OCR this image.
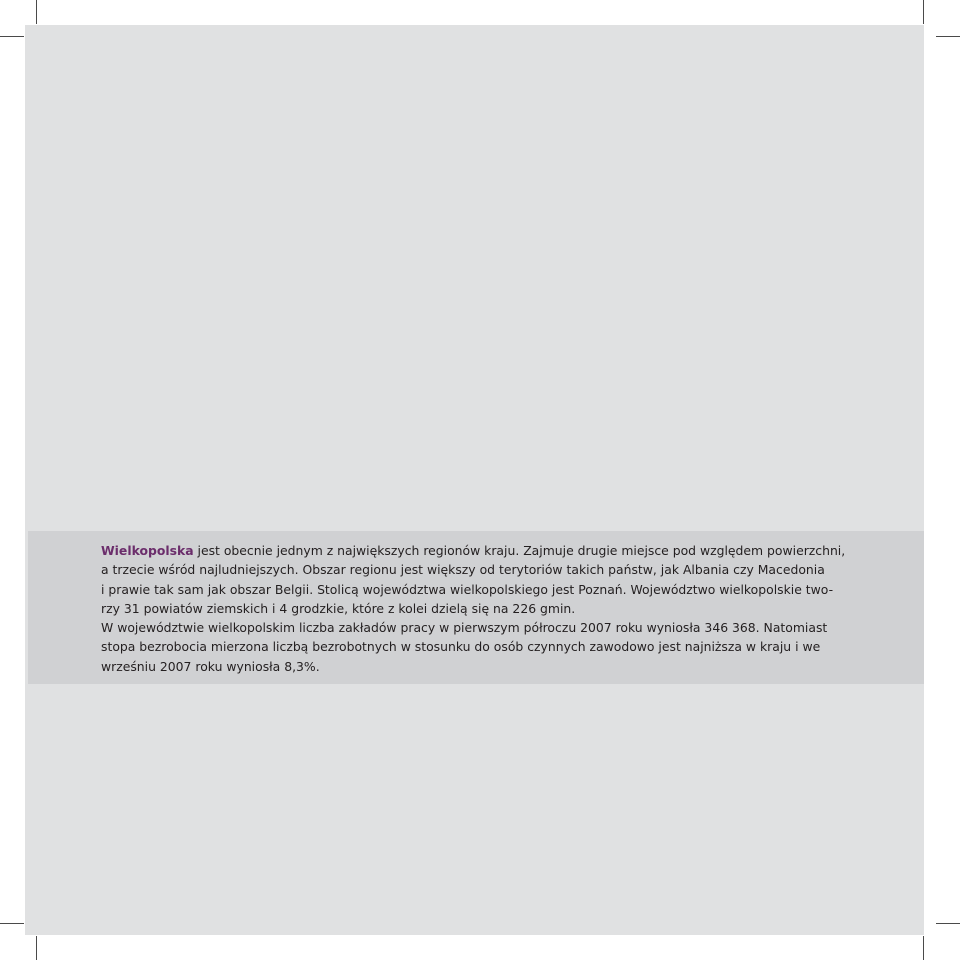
Wielkopolska jest obecnie jednym z największych regionów kraju. Zajmuje drugie miejsce pod względem powierzchni,
a trzecie wśród najludniejszych. Obszar regionu jest większy od terytoriów takich państw, jak Albania czy Macedonia
i prawie tak sam jak obszar Belgii. Stolicą województwa wielkopolskiego jest Poznań. Województwo wielkopolskie two-
rzy 31 powiatów ziemskich i 4 grodzkie, które z kolei dzielą się na 226 gmin.

W województwie wielkopolskim liczba zakładów pracy w pierwszym półroczu 2007 roku wyniosła 346 368. Natomiast
stopa bezrobocia mierzona liczbą bezrobotnych w stosunku do osób czynnych zawodowo jest najniższa w kraju i we
wrześniu 2007 roku wyniosła 8,3%.
